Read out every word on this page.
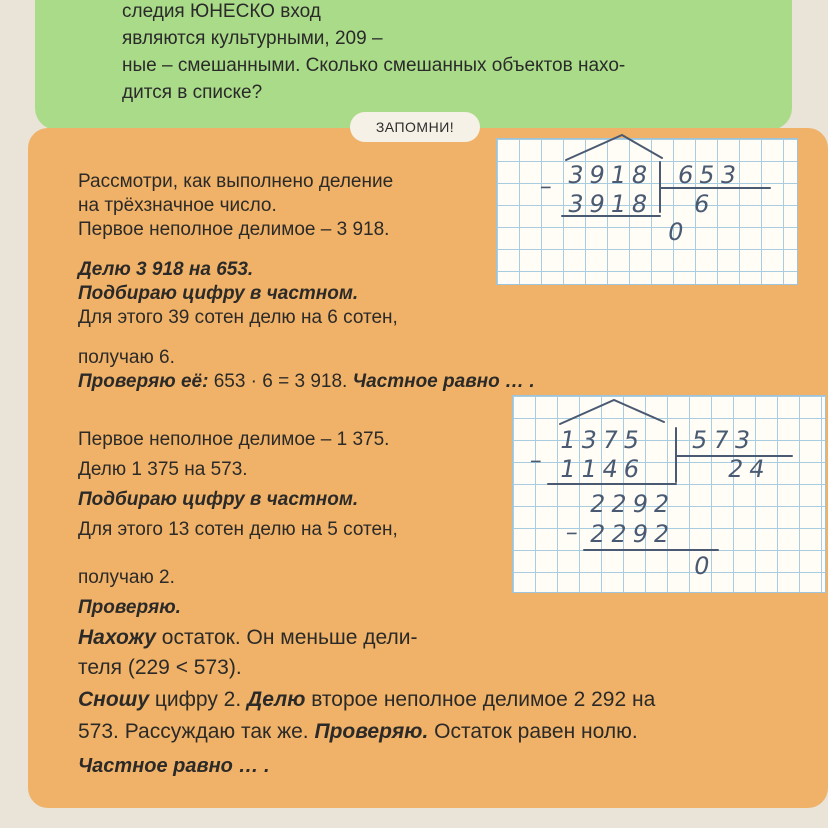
следия ЮНЕСКО вход
являются культурными, 209 –
ные – смешанными. Сколько смешанных объектов нахо-
дится в списке?
ЗАПОМНИ!
Рассмотри, как выполнено деление
на трёхзначное число.
Первое неполное делимое – 3 918.
Делю 3 918 на 653.
Подбираю цифру в частном.
Для этого 39 сотен делю на 6 сотен,
получаю 6.
Проверяю её: 653 · 6 = 3 918. Частное равно … .
– 3918 653
3918 6
0
Первое неполное делимое – 1 375.
Делю 1 375 на 573.
Подбираю цифру в частном.
Для этого 13 сотен делю на 5 сотен,
получаю 2.
Проверяю.
Нахожу остаток. Он меньше дели-
теля (229 < 573).
Сношу цифру 2. Делю второе неполное делимое 2 292 на
573. Рассуждаю так же. Проверяю. Остаток равен нолю.
Частное равно … .
–
1375 573
1146	24
–
2292
2292
0
